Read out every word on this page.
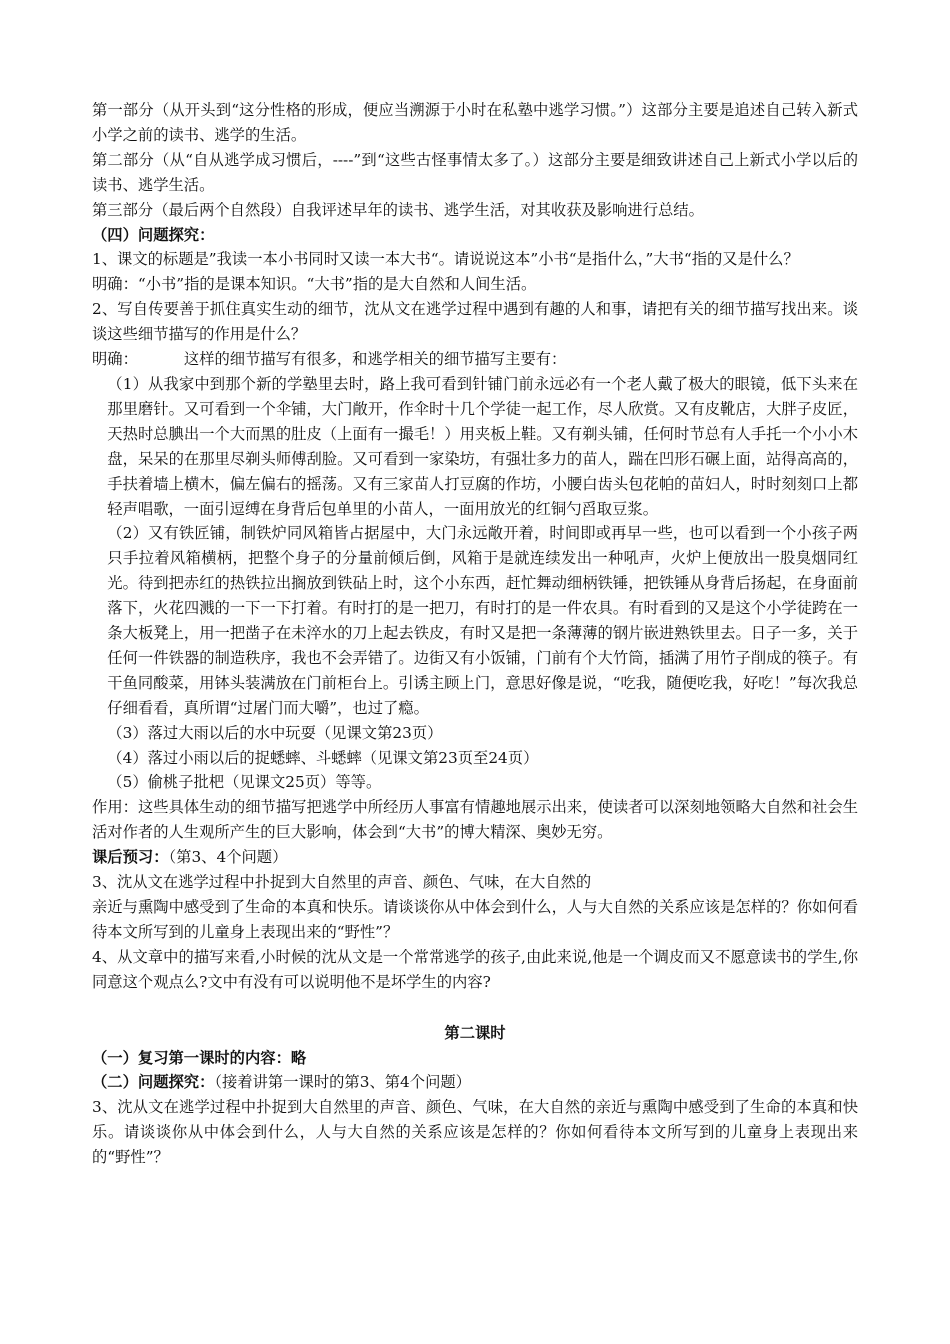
第一部分（从开头到“这分性格的形成，便应当溯源于小时在私塾中逃学习惯。”）这部分主要是追述自己转入新式小学之前的读书、逃学的生活。

第二部分（从“自从逃学成习惯后，----”到“这些古怪事情太多了。）这部分主要是细致讲述自己上新式小学以后的读书、逃学生活。

第三部分（最后两个自然段）自我评述早年的读书、逃学生活，对其收获及影响进行总结。

（四）问题探究：

1、课文的标题是”我读一本小书同时又读一本大书“。请说说这本”小书“是指什么，”大书“指的又是什么？

明确：“小书”指的是课本知识。“大书”指的是大自然和人间生活。

2、写自传要善于抓住真实生动的细节，沈从文在逃学过程中遇到有趣的人和事，请把有关的细节描写找出来。谈谈这些细节描写的作用是什么？

明确：	这样的细节描写有很多，和逃学相关的细节描写主要有：

（1）从我家中到那个新的学塾里去时，路上我可看到针铺门前永远必有一个老人戴了极大的眼镜，低下头来在那里磨针。又可看到一个伞铺，大门敞开，作伞时十几个学徒一起工作，尽人欣赏。又有皮靴店，大胖子皮匠，天热时总腆出一个大而黑的肚皮（上面有一撮毛！）用夹板上鞋。又有剃头铺，任何时节总有人手托一个小小木盘，呆呆的在那里尽剃头师傅刮脸。又可看到一家染坊，有强壮多力的苗人，踹在凹形石碾上面，站得高高的，手扶着墙上横木，偏左偏右的摇荡。又有三家苗人打豆腐的作坊，小腰白齿头包花帕的苗妇人，时时刻刻口上都轻声唱歌，一面引逗缚在身背后包单里的小苗人，一面用放光的红铜勺舀取豆浆。

（2）又有铁匠铺，制铁炉同风箱皆占据屋中，大门永远敞开着，时间即或再早一些，也可以看到一个小孩子两只手拉着风箱横柄，把整个身子的分量前倾后倒，风箱于是就连续发出一种吼声，火炉上便放出一股臭烟同红光。待到把赤红的热铁拉出搁放到铁砧上时，这个小东西，赶忙舞动细柄铁锤，把铁锤从身背后扬起，在身面前落下，火花四溅的一下一下打着。有时打的是一把刀，有时打的是一件农具。有时看到的又是这个小学徒跨在一条大板凳上，用一把凿子在未淬水的刀上起去铁皮，有时又是把一条薄薄的钢片嵌进熟铁里去。日子一多，关于任何一件铁器的制造秩序，我也不会弄错了。边街又有小饭铺，门前有个大竹筒，插满了用竹子削成的筷子。有干鱼同酸菜，用钵头装满放在门前柜台上。引诱主顾上门，意思好像是说，“吃我，随便吃我，好吃！”每次我总仔细看看，真所谓“过屠门而大嚼”，也过了瘾。

（3）落过大雨以后的水中玩耍（见课文第23页）

（4）落过小雨以后的捉蟋蟀、斗蟋蟀（见课文第23页至24页）

（5）偷桃子批杷（见课文25页）等等。

作用：这些具体生动的细节描写把逃学中所经历人事富有情趣地展示出来，使读者可以深刻地领略大自然和社会生活对作者的人生观所产生的巨大影响，体会到“大书”的博大精深、奥妙无穷。

课后预习：（第3、4个问题）

3、沈从文在逃学过程中扑捉到大自然里的声音、颜色、气味，在大自然的

亲近与熏陶中感受到了生命的本真和快乐。请谈谈你从中体会到什么，人与大自然的关系应该是怎样的？你如何看待本文所写到的儿童身上表现出来的“野性”？

4、从文章中的描写来看,小时候的沈从文是一个常常逃学的孩子,由此来说,他是一个调皮而又不愿意读书的学生,你同意这个观点么?文中有没有可以说明他不是坏学生的内容?

第二课时

（一）复习第一课时的内容：略

（二）问题探究：（接着讲第一课时的第3、第4个问题）

3、沈从文在逃学过程中扑捉到大自然里的声音、颜色、气味，在大自然的亲近与熏陶中感受到了生命的本真和快乐。请谈谈你从中体会到什么，人与大自然的关系应该是怎样的？你如何看待本文所写到的儿童身上表现出来的“野性”？
